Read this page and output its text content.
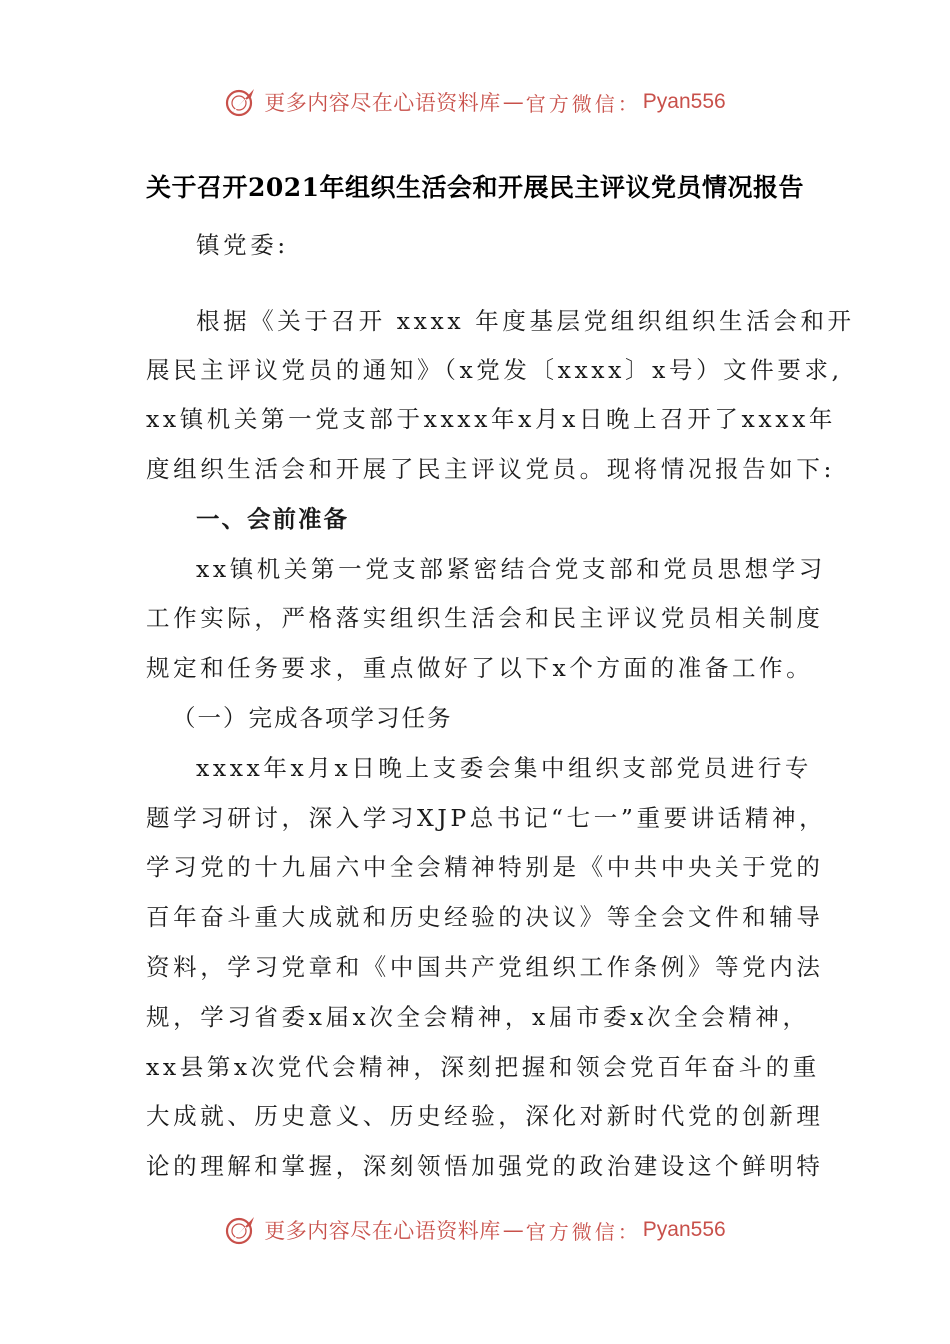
更多内容尽在心语资料库 — 官方微信： Pyan556
关于召开2021年组织生活会和开展民主评议党员情况报告
镇党委:
根据《关于召开 xxxx 年度基层党组织组织生活会和开
展民主评议党员的通知》（x党发〔xxxx〕x号）文件要求,
xx镇机关第一党支部于xxxx年x月x日晚上召开了xxxx年
度组织生活会和开展了民主评议党员。现将情况报告如下:
一、会前准备
xx镇机关第一党支部紧密结合党支部和党员思想学习
工作实际，严格落实组织生活会和民主评议党员相关制度
规定和任务要求，重点做好了以下x个方面的准备工作。
（一）完成各项学习任务
xxxx年x月x日晚上支委会集中组织支部党员进行专
题学习研讨，深入学习XJP总书记“七一”重要讲话精神，
学习党的十九届六中全会精神特别是《中共中央关于党的
百年奋斗重大成就和历史经验的决议》等全会文件和辅导
资料，学习党章和《中国共产党组织工作条例》等党内法
规，学习省委x届x次全会精神，x届市委x次全会精神，
xx县第x次党代会精神，深刻把握和领会党百年奋斗的重
大成就、历史意义、历史经验，深化对新时代党的创新理
论的理解和掌握，深刻领悟加强党的政治建设这个鲜明特
更多内容尽在心语资料库 — 官方微信： Pyan556
